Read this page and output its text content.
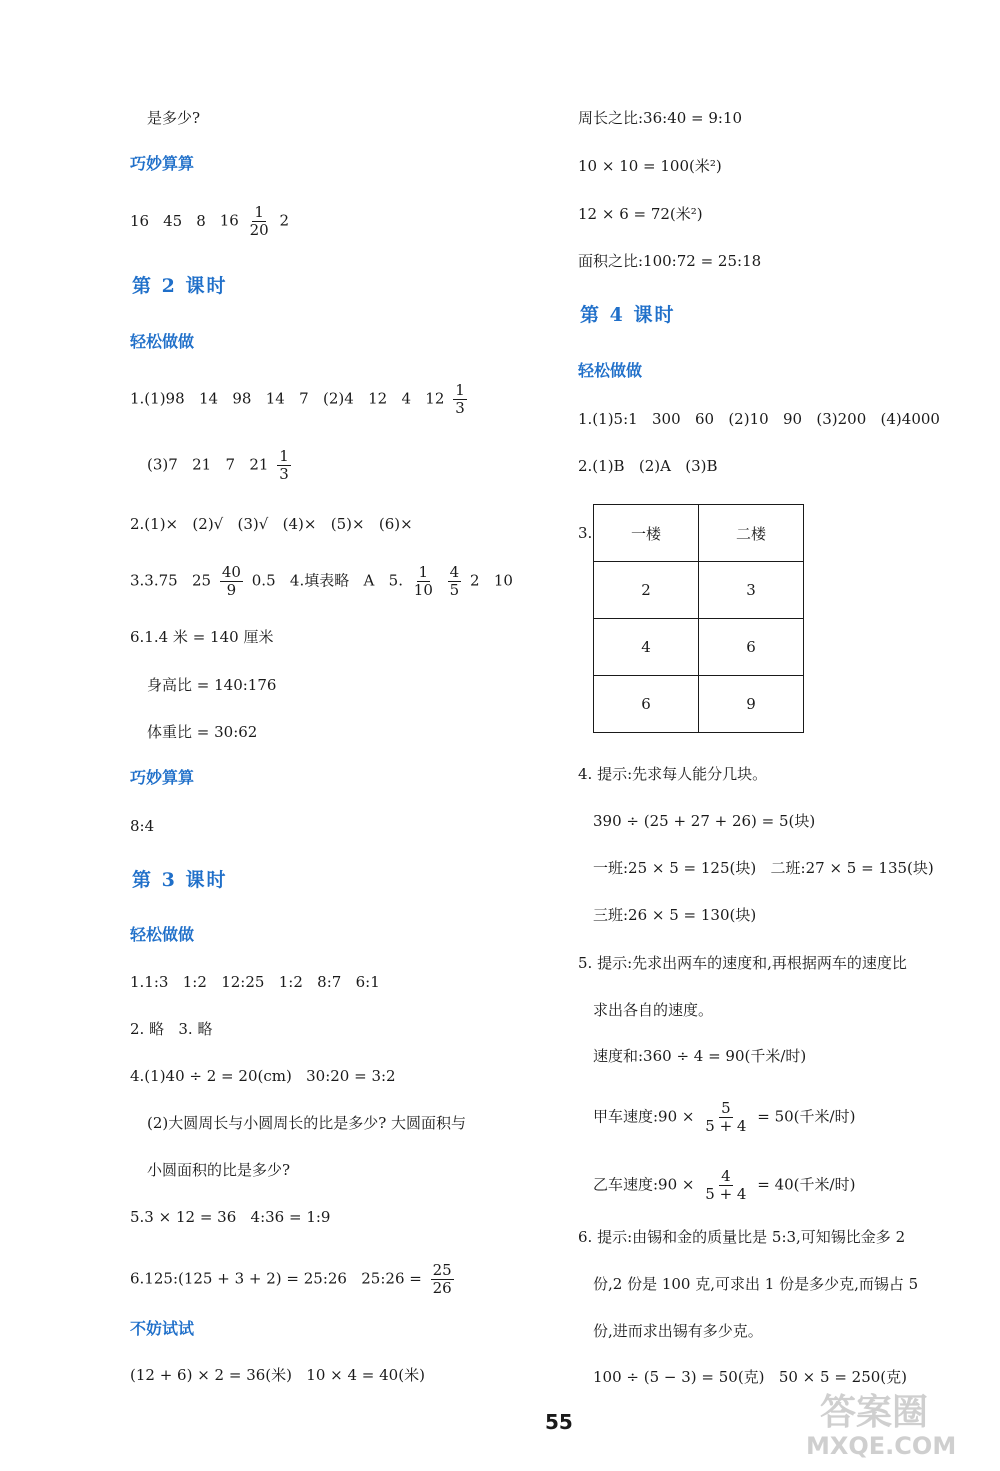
是多少?
巧妙算算
16 45 8 $16 \frac{1}{20} 2$
第 2 课时
轻松做做
1.(1)98   14   98   14   7   (2)4   12   4   $12 \frac{1}{3}$
(3)7   21   7   $21 \frac{1}{3}$
2.(1)×   (2)√   (3)√   (4)×   (5)×   (6)×
3.3.75   $25 \frac{40}{9} 0.5$   4.填表略   A   5. $\frac{1}{10}$
$\frac{4}{5} 2$   10
6.1.4 米 = 140 厘米
身高比 = 140:176
体重比 = 30:62
巧妙算算
8:4
第 3 课时
轻松做做
1.1:3   1:2   12:25   1:2   8:7   6:1
2. 略   3. 略
4.(1)40 ÷ 2 = 20(cm)   30:20 = 3:2
(2)大圆周长与小圆周长的比是多少? 大圆面积与
小圆面积的比是多少?
5.3 × 12 = 36   4:36 = 1:9
6.125:(125 + 3 + 2) = 25:26   25:26 = $\frac{25}{26}$
不妨试试
(12 + 6) × 2 = 36(米)   10 × 4 = 40(米)
周长之比:36:40 = 9:10
10 × 10 = 100(米²)
12 × 6 = 72(米²)
面积之比:100:72 = 25:18
第 4 课时
轻松做做
1.(1)5:1   300   60   (2)10   90   (3)200   (4)4000
2.(1)B   (2)A   (3)B
3.	一楼	二楼
2	3
4	6
6	9
4. 提示:先求每人能分几块。
390 ÷ (25 + 27 + 26) = 5(块)
一班:25 × 5 = 125(块)   二班:27 × 5 = 135(块)
三班:26 × 5 = 130(块)
5. 提示:先求出两车的速度和,再根据两车的速度比
求出各自的速度。
速度和:360 ÷ 4 = 90(千米/时)
甲车速度:90 × $\frac{5}{5 + 4} = 50$(千米/时)
乙车速度:90 × $\frac{4}{5 + 4} = 40$(千米/时)
6. 提示:由锡和金的质量比是 5:3,可知锡比金多 2
份,2 份是 100 克,可求出 1 份是多少克,而锡占 5
份,进而求出锡有多少克。
100 ÷ (5 − 3) = 50(克)   50 × 5 = 250(克)
55	答案圈
MXQE.COM
